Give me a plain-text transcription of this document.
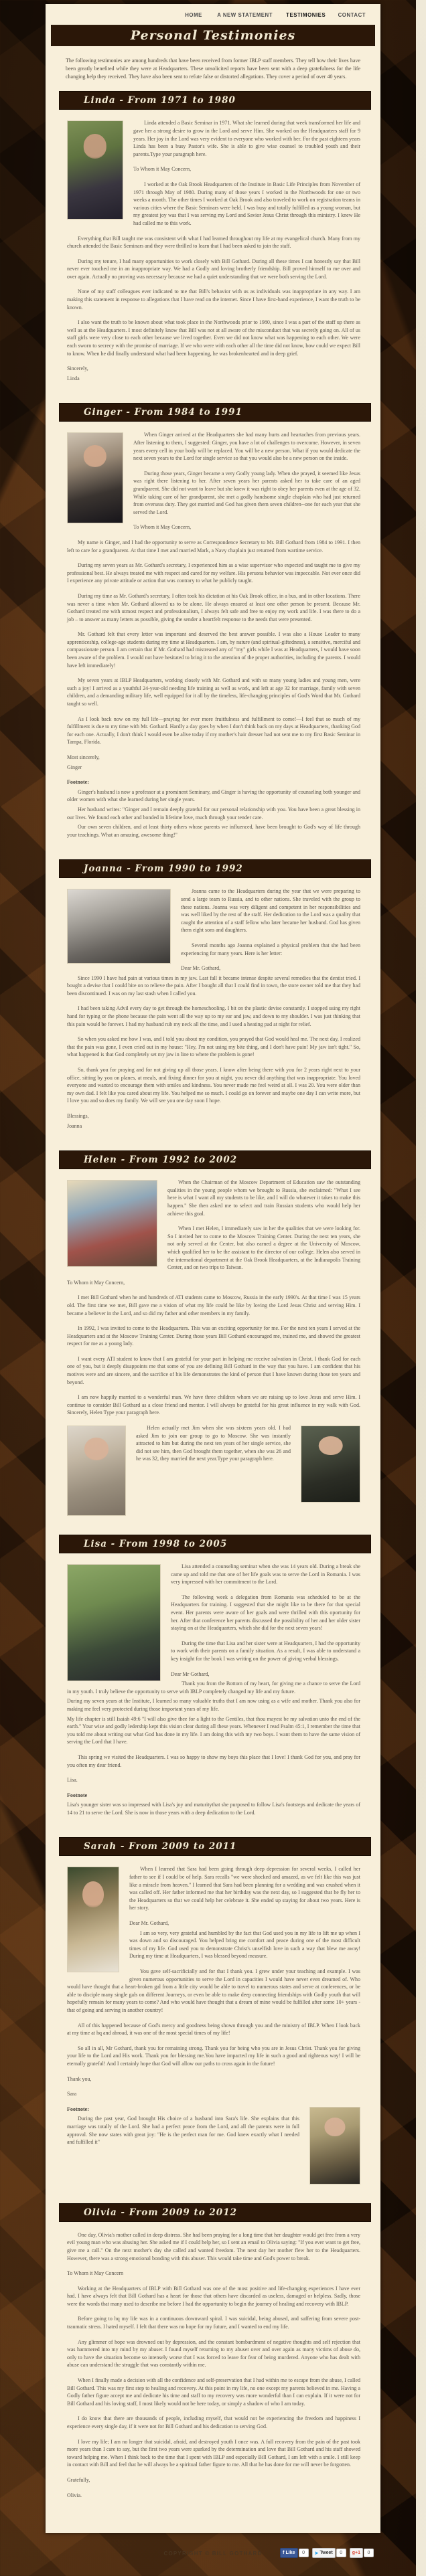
HOME	A NEW STATEMENT TESTIMONIES CONTACT
Personal Testimonies

The following testimonies are among hundreds that have been received from former IBLP staff members. They tell how their lives have been greatly benefited while they were at Headquarters. These unsolicited reports have been sent with a deep gratefulness for the life changing help they received. They have also been sent to refute false or distorted allegations. They cover a period of over 40 years.

Linda - From 1971 to 1980

Linda attended a Basic Seminar in 1971. What she learned during that week transformed her life and gave her a strong desire to grow in the Lord and serve Him. She worked on the Headquarters staff for 9 years. Her joy in the Lord was very evident to everyone who worked with her. For the past eighteen years Linda has been a busy Pastor's wife. She is able to give wise counsel to troubled youth and their parents.Type your paragraph here.

To Whom it May Concern,

I worked at the Oak Brook Headquarters of the Institute in Basic Life Principles from November of 1971 through May of 1980. During many of those years I worked in the Northwoods for one or two weeks a month. The other times I worked at Oak Brook and also traveled to work on registration teams in various cities where the Basic Seminars were held. I was busy and totally fulfilled as a young woman, but my greatest joy was that I was serving my Lord and Savior Jesus Christ through this ministry. I knew He had called me to this work.

Everything that Bill taught me was consistent with what I had learned throughout my life at my evangelical church. Many from my church attended the Basic Seminars and they were thrilled to learn that I had been asked to join the staff.

During my tenure, I had many opportunities to work closely with Bill Gothard. During all these times I can honestly say that Bill never ever touched me in an inappropriate way. We had a Godly and loving brotherly friendship. Bill proved himself to me over and over again. Actually no proving was necessary because we had a quiet understanding that we were both serving the Lord.

None of my staff colleagues ever indicated to me that Bill's behavior with us as individuals was inappropriate in any way. I am making this statement in response to allegations that I have read on the internet. Since I have first-hand experience, I want the truth to be known.

I also want the truth to be known about what took place in the Northwoods prior to 1980, since I was a part of the staff up there as well as at the Headquarters. I most definitely know that Bill was not at all aware of the misconduct that was secretly going on. All of us staff girls were very close to each other because we lived together. Even we did not know what was happening to each other. We were each sworn to secrecy with the promise of marriage. If we who were with each other all the time did not know, how could we expect Bill to know. When he did finally understand what had been happening, he was brokenhearted and in deep grief.

Sincerely,

Linda

Ginger - From 1984 to 1991

When Ginger arrived at the Headquarters she had many hurts and heartaches from previous years. After listening to them, I suggested: Ginger, you have a lot of challenges to overcome. However, in seven years every cell in your body will be replaced. You will be a new person. What if you would dedicate the next seven years to the Lord for single service so that you would also be a new person on the inside.

During those years, Ginger became a very Godly young lady. When she prayed, it seemed like Jesus was right there listening to her. After seven years her parents asked her to take care of an aged grandparent. She did not want to leave but she knew it was right to obey her parents even at the age of 32. While taking care of her grandparent, she met a godly handsome single chaplain who had just returned from overseas duty. They got married and God has given them seven children--one for each year that she served the Lord.

To Whom it May Concern,

My name is Ginger, and I had the opportunity to serve as Correspondence Secretary to Mr. Bill Gothard from 1984 to 1991. I then left to care for a grandparent. At that time I met and married Mark, a Navy chaplain just returned from wartime service.

During my seven years as Mr. Gothard's secretary, I experienced him as a wise supervisor who expected and taught me to give my professional best. He always treated me with respect and cared for my welfare. His persona behavior was impeccable. Not ever once did I experience any private attitude or action that was contrary to what he publicly taught.

During my time as Mr. Gothard's secretary, I often took his dictation at his Oak Brook office, in a bus, and in other locations. There was never a time when Mr. Gothard allowed us to be alone. He always ensured at least one other person be present. Because Mr. Gothard treated me with utmost respect and professionalism, I always felt safe and free to enjoy my work and life. I was there to do a job – to answer as many letters as possible, giving the sender a heartfelt response to the needs that were presented.

Mr. Gothard felt that every letter was important and deserved the best answer possible. I was also a House Leader to many apprenticeship, college-age students during my time at Headquarters. I am, by nature (and spiritual-giftedness), a sensitive, merciful and compassionate person. I am certain that if Mr. Gothard had mistreated any of "my" girls while I was at Headquarters, I would have soon been aware of the problem. I would not have hesitated to bring it to the attention of the proper authorities, including the parents. I would have left immediately!

My seven years at IBLP Headquarters, working closely with Mr. Gothard and with so many young ladies and young men, were such a joy! I arrived as a youthful 24-year-old needing life training as well as work, and left at age 32 for marriage, family with seven children, and a demanding military life, well equipped for it all by the timeless, life-changing principles of God's Word that Mr. Gothard taught so well.

As I look back now on my full life—praying for ever more fruitfulness and fulfillment to come!—I feel that so much of my fulfillment is due to my time with Mr. Gothard. Hardly a day goes by when I don't think back on my days at Headquarters, thanking God for each one. Actually, I don't think I would even be alive today if my mother's hair dresser had not sent me to my first Basic Seminar in Tampa, Florida.

Most sincerely,

Ginger

Footnote:

Ginger's husband is now a professor at a prominent Seminary, and Ginger is having the opportunity of counseling both younger and older women with what she learned during her single years.

Her husband writes: "Ginger and I remain deeply grateful for our personal relationship with you. You have been a great blessing in our lives. We found each other and bonded in lifetime love, much through your tender care.

Our own seven children, and at least thirty others whose parents we influenced, have been brought to God's way of life through your teachings. What an amazing, awesome thing!"

Joanna - From 1990 to 1992

Joanna came to the Headquarters during the year that we were preparing to send a large team to Russia, and to other nations. She traveled with the group to these nations. Joanna was very diligent and competent in her responsibilities and was well liked by the rest of the staff. Her dedication to the Lord was a quality that caught the attention of a staff fellow who later became her husband. God has given them eight sons and daughters.

Several months ago Joanna explained a physical problem that she had been experiencing for many years. Here is her letter:

Dear Mr. Gothard,

Since 1990 I have had pain at various times in my jaw. Last fall it became intense despite several remedies that the dentist tried. I bought a devise that I could bite on to relieve the pain. After I bought all that I could find in town, the store owner told me that they had been discontinued. I was on my last stash when I called you.

I had been taking Advil every day to get through the homeschooling. I bit on the plastic devise constantly. I stopped using my right hand for typing or the phone because the pain went all the way up to my ear and jaw, and down to my shoulder. I was just thinking that this pain would be forever. I had my husband rub my neck all the time, and I used a heating pad at night for relief.

So when you asked me how I was, and I told you about my condition, you prayed that God would heal me. The next day, I realized that the pain was gone, I even cried out in my house: "Hey, I'm not using my bite thing, and I don't have pain! My jaw isn't tight." So, what happened is that God completely set my jaw in line to where the problem is gone!

So, thank you for praying and for not giving up all those years. I know after being there with you for 2 years right next to your office, sitting by you on planes, at meals, and fixing dinner for you at night, you never did anything that was inappropriate. You loved everyone and wanted to encourage them with smiles and kindness. You never made me feel weird at all. I was 20. You were older than my own dad. I felt like you cared about my life. You helped me so much. I could go on forever and maybe one day I can write more, but I love you and so does my family. We will see you one day soon I hope.

Blessings,

Joanna

Helen - From 1992 to 2002

When the Chairman of the Moscow Department of Education saw the outstanding qualities in the young people whom we brought to Russia, she exclaimed: "What I see here is what I want all my students to be like, and I will do whatever it takes to make this happen." She then asked me to select and train Russian students who would help her achieve this goal.

When I met Helen, I immediately saw in her the qualities that we were looking for. So I invited her to come to the Moscow Training Center. During the next ten years, she not only served at the Center, but also earned a degree at the University of Moscow, which qualified her to be the assistant to the director of our college. Helen also served in the international department at the Oak Brook Headquarters, at the Indianapolis Training Center, and on two trips to Taiwan.

To Whom it May Concern,

I met Bill Gothard when he and hundreds of ATI students came to Moscow, Russia in the early 1990's. At that time I was 15 years old. The first time we met, Bill gave me a vision of what my life could be like by loving the Lord Jesus Christ and serving Him. I became a believer in the Lord, and so did my father and other members in my family.

In 1992, I was invited to come to the Headquarters. This was an exciting opportunity for me. For the next ten years I served at the Headquarters and at the Moscow Training Center. During those years Bill Gothard encouraged me, trained me, and showed the greatest respect for me as a young lady.

I want every ATI student to know that I am grateful for your part in helping me receive salvation in Christ. I thank God for each one of you, but it deeply disappoints me that some of you are defining Bill Gothard in the way that you have. I am confident that his motives were and are sincere, and the sacrifice of his life demonstrates the kind of person that I have known during those ten years and beyond.

I am now happily married to a wonderful man. We have three children whom we are raising up to love Jesus and serve Him. I continue to consider Bill Gothard as a close friend and mentor. I will always be grateful for his great influence in my walk with God. Sincerely, Helen Type your paragraph here.

Helen actually met Jim when she was sixteen years old. I had asked Jim to join our group to go to Moscow. She was instantly attracted to him but during the next ten years of her single service, she did not see him, then God brought them together, when she was 26 and he was 32, they married the next year.Type your paragraph here.

Lisa - From 1998 to 2005

Lisa attended a counseling seminar when she was 14 years old. During a break she came up and told me that one of her life goals was to serve the Lord in Romania. I was very impressed with her commitment to the Lord.

The following week a delegation from Romania was scheduled to be at the Headquarters for training. I suggested that she might like to be there for that special event. Her parents were aware of her goals and were thrilled with this oportunity for her. After that conference her parents discussed the possibility of her and her older sister staying on at the Headquarters, which she did for the next seven years!

During the time that Lisa and her sister were at Headquarters, I had the opportunity to work with their parents on a family situation. As a result, I was able to understand a key insight for the book I was writing on the power of giving verbal blessings.

Dear Mr Gothard,

Thank you from the Bottom of my heart, for giving me a chance to serve the Lord in my youth. I truly believe the opportunity to serve with IBLP completely changed my life and my future.

During my seven years at the Institute, I learned so many valuable truths that I am now using as a wife and mother. Thank you also for making me feel very protected during those important years of my life.

My life chapter is still Isaiah 49:6 "I will also give thee for a light to the Gentiles, that thou mayest be my salvation unto the end of the earth." Your wise and godly ledership kept this vision clear during all these years. Whenever I read Psalm 45:1, I remember the time that you told me about writing out what God has done in my life. I am doing this with my two boys. I want them to have the same vision of serving the Lord that I have.

This spring we visited the Headquarters. I was so happy to show my boys this place that I love! I thank God for you, and pray for you often my dear friend.

Lisa.

Footnote

Lisa's younger sister was so impressed with Lisa's joy and maturitythat she purposed to follow Lisa's footsteps and dedicate the years of 14 to 21 to serve the Lord. She is now in those years with a deep dedication to the Lord.

Sarah - From 2009 to 2011

When I learned that Sara had been going through deep depression for several weeks, I called her father to see if I could be of help. Sara recalls "we were shocked and amazed, as we felt like this was just like a miracle from heaven." I learned that Sara had been planning for a wedding and was crushed when it was called off. Her father informed me that her birthday was the next day, so I suggested that he fly her to the Headquarters so that we could help her celebrate it. She ended up staying for about two years. Here is her story.

Dear Mr. Gothard,

I am so very, very grateful and humbled by the fact that God used you in my life to lift me up when I was down and so discouraged. You helped bring me comfort and peace during one of the most difficult times of my life. God used you to demonstrate Christ's unselfish love in such a way that blew me away! During my time at Headquarters, I was blessed beyond measure.

You gave self-sacrificially and for that I thank you. I grew under your teaching and example. I was given numerous opportunities to serve the Lord in capacities I would have never even dreamed of. Who would have thought that a heart-broken gal from a little city would be able to travel to numerous states and serve at conferences, or be able to disciple many single gals on different Journeys, or even be able to make deep connecting friendships with Godly youth that will hopefully remain for many years to come? And who would have thought that a dream of mine would be fulfilled after some 10+ years - that of going and serving in another country!

All of this happened because of God's mercy and goodness being shown through you and the ministry of IBLP. When I look back at my time at hq and abroad, it was one of the most special times of my life!

So all in all, Mr Gothard, thank you for remaining strong. Thank you for being who you are in Jesus Christ. Thank you for giving your life to the Lord and His work. Thank you for blessing me.You have impacted my life in such a good and righteous way! I will be eternally grateful! And I certainly hope that God will allow our paths to cross again in the future!

Thank you,

Sara

Footnote:

During the past year, God brought His choice of a husband into Sara's life. She explains that this marriage was totally of the Lord. She had a perfect peace from the Lord, and all the parents were in full approval. She now states with great joy: "He is the perfect man for me. God knew exactly what I needed and fulfilled it"

Olivia - From 2009 to 2012

One day, Olivia's mother called in deep distress. She had been praying for a long time that her daughter would get free from a very evil young man who was abusing her. She asked me if I could help her, so I sent an email to Olivia saying: "If you ever want to get free, give me a call." On the next mother's day she called and wanted freedom. The next day her mother flew her to the Headquarters. However, there was a strong emotional bonding with this abuser. This would take time and God's power to break.

To Whom it May Concern

Working at the Headquarters of IBLP with Bill Gothard was one of the most positive and life-changing experiences I have ever had. I have always felt that Bill Gothard has a heart for those that others have discarded as useless, damaged or helpless. Sadly, those were the words that many used to describe me before I had the opportunity to begin the journey of healing and recovery with IBLP.

Before going to hq my life was in a continuous downward spiral. I was suicidal, being abused, and suffering from severe post-traumatic stress. I hated myself. I felt that there was no hope for my future, and I wanted to end my life.

Any glimmer of hope was drowned out by depression, and the constant bombardment of negative thoughts and self rejection that was hammered into my mind by my abuser. I found myself returning to my abuser over and over again as many victims of abuse do, only to have the situation become so intensely worse that I was forced to leave for fear of being murdered. Anyone who has dealt with abuse can understand the struggle that was constantly within me.

When I finally made a decision with all the confidence and self-preservation that I had within me to escape from the abuse, I called Bill Gothard. This was my first step to healing and recovery. At this point in my life, no one except my parents believed in me. Having a Godly father figure accept me and dedicate his time and staff to my recovery was more wonderful than I can explain. If it were not for Bill Gothard and his loving staff, I most likely would not be here today, or simply a shadow of who I am today.

I do know that there are thousands of people, including myself, that would not be experiencing the freedom and happiness I experience every single day, if it were not for Bill Gothard and his dedication to serving God.

I love my life; I am no longer that suicidal, afraid, and destroyed youth I once was. A full recovery from the pain of the past took more years than I care to say, but the first two years were sparked by the determination and love that Bill Gothard and his staff showed toward helping me. When I think back to the time that I spent with IBLP and especially Bill Gothard, I am left with a smile. I still keep in contact with Bill and feel that he will always be a spiritual father figure to me. All that he has done for me will never be forgotten.

Gratefully,

Olivia.

COPYRIGHT © BILL GOTHARD	f Like	0	➤ Tweet	0	g+1	0
